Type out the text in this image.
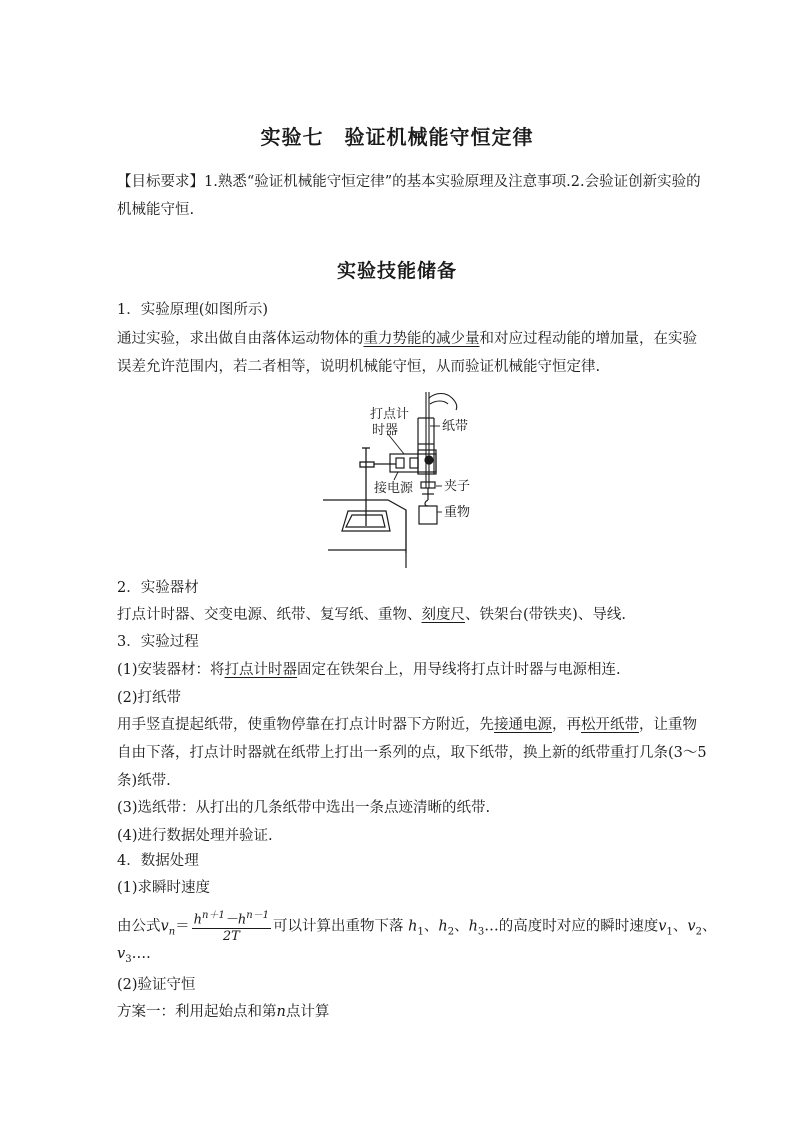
实验七　验证机械能守恒定律
【目标要求】1.熟悉“验证机械能守恒定律”的基本实验原理及注意事项.2.会验证创新实验的
机械能守恒.
实验技能储备
1．实验原理(如图所示)
通过实验，求出做自由落体运动物体的重力势能的减少量和对应过程动能的增加量，在实验
误差允许范围内，若二者相等，说明机械能守恒，从而验证机械能守恒定律.
打点计
时器	纸带
接电源 夹子
重物
2．实验器材
打点计时器、交变电源、纸带、复写纸、重物、刻度尺、铁架台(带铁夹)、导线.
3．实验过程
(1)安装器材：将打点计时器固定在铁架台上，用导线将打点计时器与电源相连.
(2)打纸带
用手竖直提起纸带，使重物停靠在打点计时器下方附近，先接通电源，再松开纸带，让重物
自由下落，打点计时器就在纸带上打出一系列的点，取下纸带，换上新的纸带重打几条(3～5
条)纸带.
(3)选纸带：从打出的几条纸带中选出一条点迹清晰的纸带.
(4)进行数据处理并验证.
4．数据处理
(1)求瞬时速度
由公式$v_n= \frac{h^{n+1}-h^{n-1}}{2T}$ 可以计算出重物下落 $h_1$、$h_2$、$h_3\dots$的高度时对应的瞬时速度$v_1$、$v_2$、
$v_3\dots$.
(2)验证守恒
方案一：利用起始点和第n点计算
